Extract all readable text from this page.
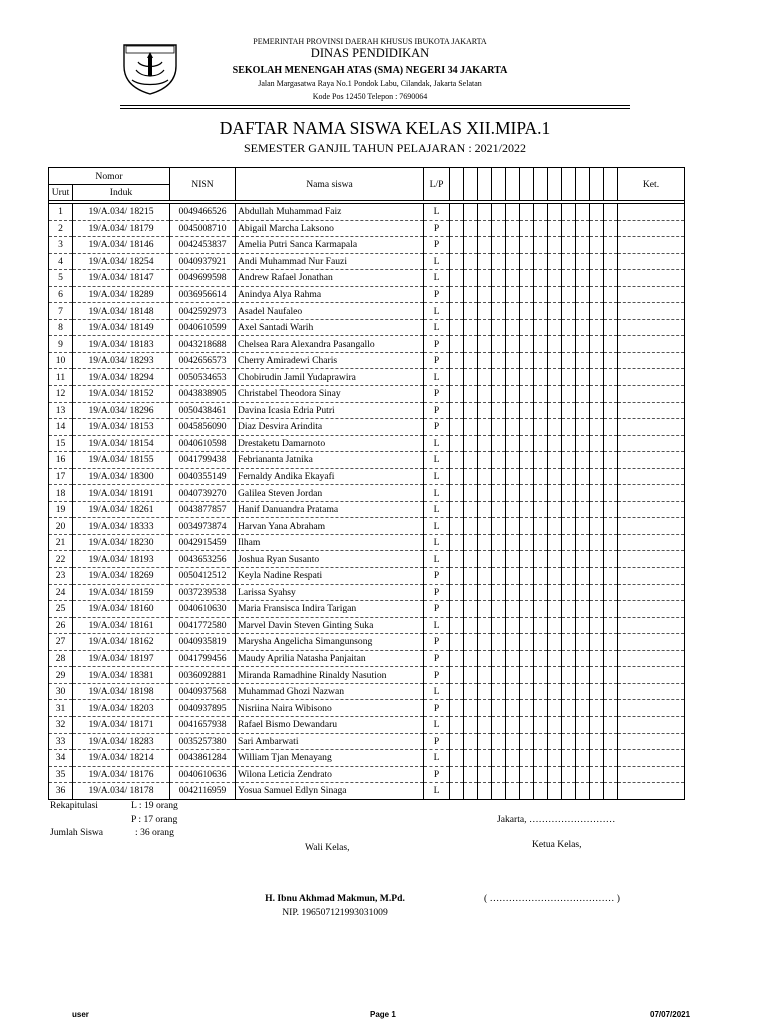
PEMERINTAH PROVINSI DAERAH KHUSUS IBUKOTA JAKARTA
DINAS PENDIDIKAN
SEKOLAH MENENGAH ATAS (SMA) NEGERI 34 JAKARTA
Jalan Margasatwa Raya No.1 Pondok Labu, Cilandak, Jakarta Selatan
Kode Pos 12450 Telepon : 7690064
DAFTAR NAMA SISWA KELAS XII.MIPA.1
SEMESTER GANJIL TAHUN PELAJARAN : 2021/2022
Nomor		NISN	Nama siswa	L/P													Ket.
Urut	Induk																

1	19/A.034/ 18215	0049466526	Abdullah Muhammad Faiz	L													
2	19/A.034/ 18179	0045008710	Abigail Marcha Laksono	P													
3	19/A.034/ 18146	0042453837	Amelia Putri Sanca Karmapala	P													
4	19/A.034/ 18254	0040937921	Andi Muhammad Nur Fauzi	L													
5	19/A.034/ 18147	0049699598	Andrew Rafael Jonathan	L													
6	19/A.034/ 18289	0036956614	Anindya Alya Rahma	P													
7	19/A.034/ 18148	0042592973	Asadel Naufaleo	L													
8	19/A.034/ 18149	0040610599	Axel Santadi Warih	L													
9	19/A.034/ 18183	0043218688	Chelsea Rara Alexandra Pasangallo	P													
10	19/A.034/ 18293	0042656573	Cherry Amiradewi Charis	P													
11	19/A.034/ 18294	0050534653	Chobirudin Jamil Yudaprawira	L													
12	19/A.034/ 18152	0043838905	Christabel Theodora Sinay	P													
13	19/A.034/ 18296	0050438461	Davina Icasia Edria Putri	P													
14	19/A.034/ 18153	0045856090	Diaz Desvira Arindita	P													
15	19/A.034/ 18154	0040610598	Drestaketu Damarnoto	L													
16	19/A.034/ 18155	0041799438	Febriananta Jatnika	L													
17	19/A.034/ 18300	0040355149	Fernaldy Andika Ekayafi	L													
18	19/A.034/ 18191	0040739270	Galilea Steven Jordan	L													
19	19/A.034/ 18261	0043877857	Hanif Danuandra Pratama	L													
20	19/A.034/ 18333	0034973874	Harvan Yana Abraham	L													
21	19/A.034/ 18230	0042915459	Ilham	L													
22	19/A.034/ 18193	0043653256	Joshua Ryan Susanto	L													
23	19/A.034/ 18269	0050412512	Keyla Nadine Respati	P													
24	19/A.034/ 18159	0037239538	Larissa Syahsy	P													
25	19/A.034/ 18160	0040610630	Maria Fransisca Indira Tarigan	P													
26	19/A.034/ 18161	0041772580	Marvel Davin Steven Ginting Suka	L													
27	19/A.034/ 18162	0040935819	Marysha Angelicha Simangunsong	P													
28	19/A.034/ 18197	0041799456	Maudy Aprilia Natasha Panjaitan	P													
29	19/A.034/ 18381	0036092881	Miranda Ramadhine Rinaldy Nasution	P													
30	19/A.034/ 18198	0040937568	Muhammad Ghozi Nazwan	L													
31	19/A.034/ 18203	0040937895	Nisriina Naira Wibisono	P													
32	19/A.034/ 18171	0041657938	Rafael Bismo Dewandaru	L													
33	19/A.034/ 18283	0035257380	Sari Ambarwati	P													
34	19/A.034/ 18214	0043861284	William Tjan Menayang	L													
35	19/A.034/ 18176	0040610636	Wilona Leticia Zendrato	P													
36	19/A.034/ 18178	0042116959	Yosua Samuel Edlyn Sinaga	L													
Rekapitulasi	L : 19 orang
P : 17 orang
Jumlah Siswa	: 36 orang
Jakarta, ………………………
Wali Kelas,	Ketua Kelas,
H. Ibnu Akhmad Makmun, M.Pd.
NIP. 196507121993031009
( ………………………………… )
user	Page 1	07/07/2021
